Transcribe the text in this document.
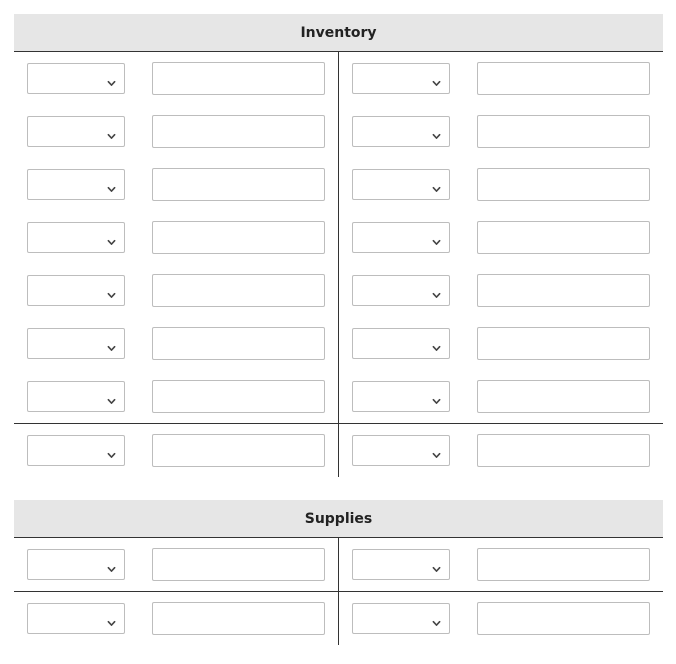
Inventory
Supplies
